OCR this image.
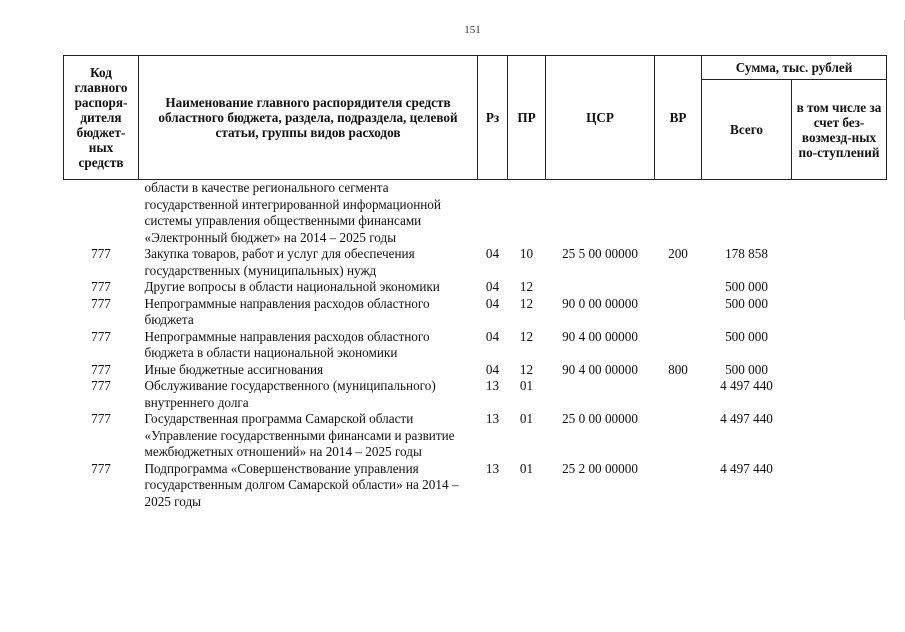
151
Код главного распоря-дителя бюджет-ных средств	Наименование главного распорядителя средств областного бюджета, раздела, подраздела, целевой статьи, группы видов расходов	Рз	ПР	ЦСР	ВР	Сумма, тыс. рублей	
						Всего	в том числе за счет без-возмезд-ных по-ступлений
	области в качестве регионального сегмента государственной интегрированной информационной системы управления общественными финансами «Электронный бюджет» на 2014 – 2025 годы						
777	Закупка товаров, работ и услуг для обеспечения государственных (муниципальных) нужд	04	10	25 5 00 00000	200	178 858	
777	Другие вопросы в области национальной экономики	04	12			500 000	
777	Непрограммные направления расходов областного бюджета	04	12	90 0 00 00000		500 000	
777	Непрограммные направления расходов областного бюджета в области национальной экономики	04	12	90 4 00 00000		500 000	
777	Иные бюджетные ассигнования	04	12	90 4 00 00000	800	500 000	
777	Обслуживание государственного (муниципального) внутреннего долга	13	01			4 497 440	
777	Государственная программа Самарской области «Управление государственными финансами и развитие межбюджетных отношений» на 2014 – 2025 годы	13	01	25 0 00 00000		4 497 440	
777	Подпрограмма «Совершенствование управления государственным долгом Самарской области» на 2014 – 2025 годы	13	01	25 2 00 00000		4 497 440	
